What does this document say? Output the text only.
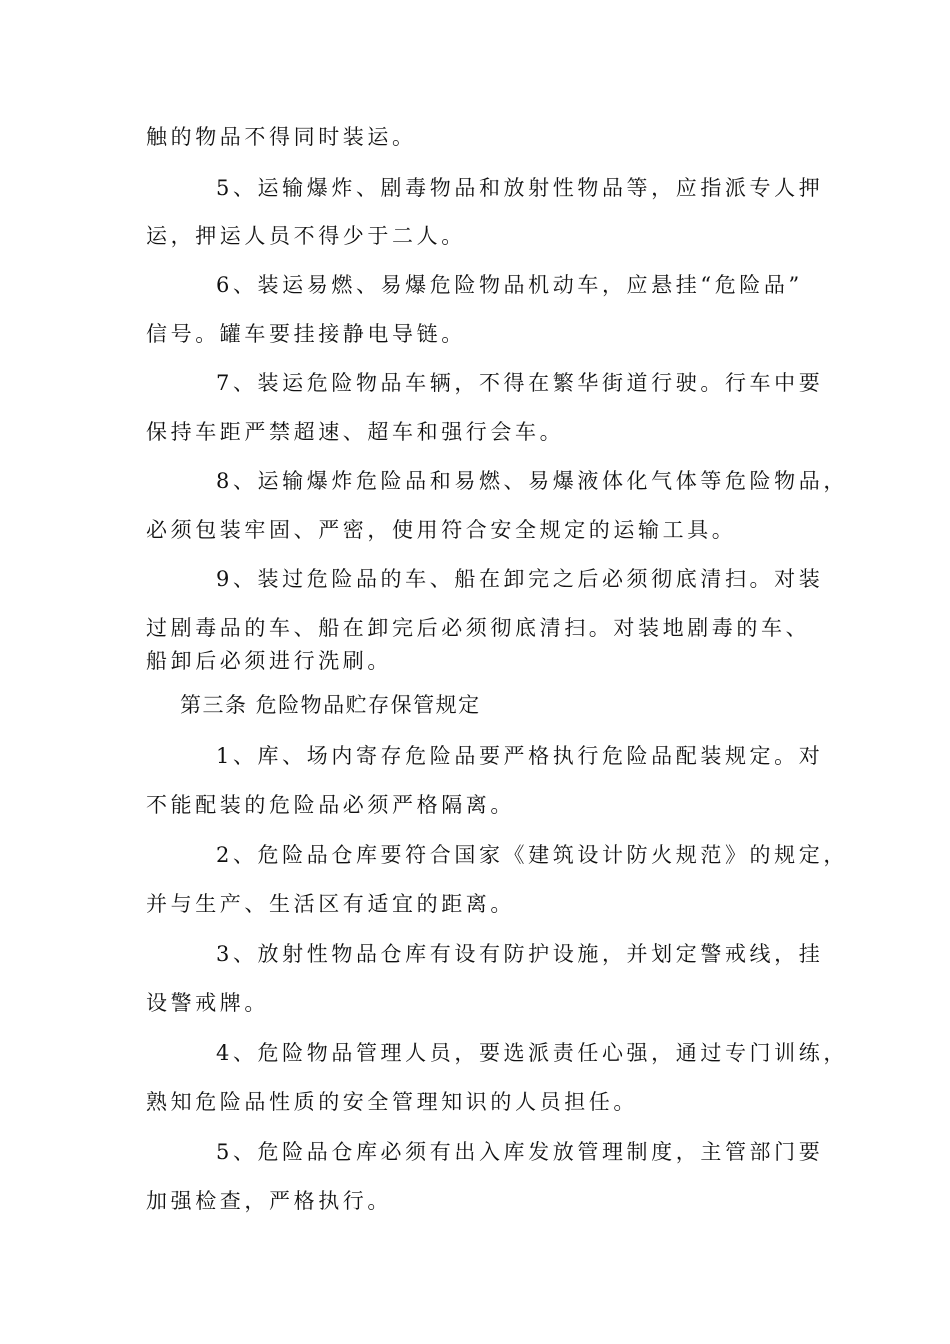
触的物品不得同时装运。
5、运输爆炸、剧毒物品和放射性物品等，应指派专人押
运，押运人员不得少于二人。
6、装运易燃、易爆危险物品机动车，应悬挂“危险品”
信号。罐车要挂接静电导链。
7、装运危险物品车辆，不得在繁华街道行驶。行车中要
保持车距严禁超速、超车和强行会车。
8、运输爆炸危险品和易燃、易爆液体化气体等危险物品，
必须包装牢固、严密，使用符合安全规定的运输工具。
9、装过危险品的车、船在卸完之后必须彻底清扫。对装
过剧毒品的车、船在卸完后必须彻底清扫。对装地剧毒的车、
船卸后必须进行洗刷。
第三条 危险物品贮存保管规定
1、库、场内寄存危险品要严格执行危险品配装规定。对
不能配装的危险品必须严格隔离。
2、危险品仓库要符合国家《建筑设计防火规范》的规定，
并与生产、生活区有适宜的距离。
3、放射性物品仓库有设有防护设施，并划定警戒线，挂
设警戒牌。
4、危险物品管理人员，要选派责任心强，通过专门训练，
熟知危险品性质的安全管理知识的人员担任。
5、危险品仓库必须有出入库发放管理制度，主管部门要
加强检查，严格执行。
